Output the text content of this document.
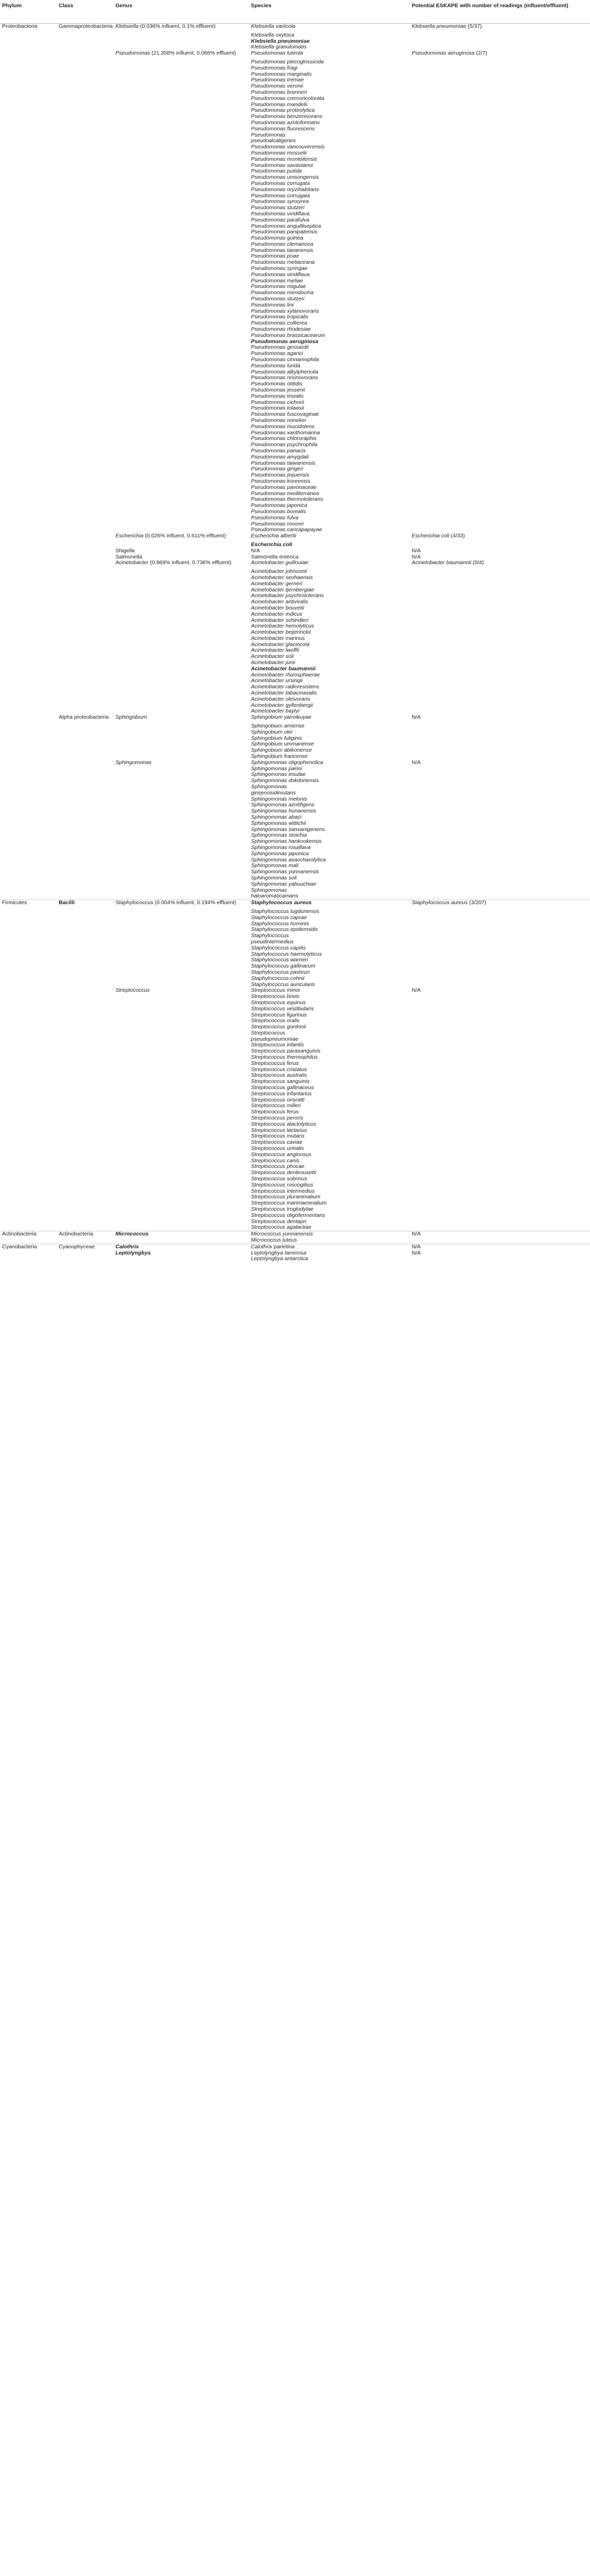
Phylum	Class	Genus	Species	Potential ESKAPE with number of readings (influent/effluent)
Proteobacteria	Gammaproteobacteria	Klebsiella (0.036% influent, 0.1% effluent)	Klebsiella variicola	Klebsiella pneumoniae (5/37)

			Klebsiella oxytoca	
			Klebsiella pneumoniae	
			Klebsiella granulomatis	
		Pseudomonas (21.358% influent, 0.066% effluent)	Pseudomonas luteola	Pseudomonas aeruginosa (2/7)

			Pseudomonas plecoglossicida	
			Pseudomonas fragi	
			Pseudomonas marginalis	
			Pseudomonas tremae	
			Pseudomonas veronii	
			Pseudomonas brenneri	
			Pseudomonas cremoricolorata	
			Pseudomonas mandelii	
			Pseudomonas proteolytica	
			Pseudomonas benzenivorans	
			Pseudomonas azotoformans	
			Pseudomonas fluorescens	
			Pseudomonas	
			pseudoalcaligenes	
			Pseudomonas vancouverensis	
			Pseudomonas mosselii	
			Pseudomonas monteilensis	
			Pseudomonas savastanoi	
			Pseudomonas putida	
			Pseudomonas umsongensis	
			Pseudomonas corrugata	
			Pseudomonas oryzihabitans	
			Pseudomonas corrugata	
			Pseudomonas synxyrea	
			Pseudomonas stutzeri	
			Pseudomonas viridiflava	
			Pseudomonas parafulva	
			Pseudomonas anguilliseptica	
			Pseudomonas panipatensis	
			Pseudomonas gulnea	
			Pseudomonas clemancea	
			Pseudomonas taeanensis	
			Pseudomonas poae	
			Pseudomonas meliaceana	
			Pseudomonas syringae	
			Pseudomonas viridiflava	
			Pseudomonas meliae	
			Pseudomonas migulae	
			Pseudomonas mendocina	
			Pseudomonas stutzeri	
			Pseudomonas lini	
			Pseudomonas xylanovorans	
			Pseudomonas tropicalis	
			Pseudomonas collierea	
			Pseudomonas rhodesiae	
			Pseudomonas brassicacearum	
			Pseudomonas aeruginosa	
			Pseudomonas gessardii	
			Pseudomonas agarici	
			Pseudomonas cinnamophila	
			Pseudomonas lurida	
			Pseudomonas alkylphenolia	
			Pseudomonas resinovorans	
			Pseudomonas otitidis	
			Pseudomonas jessenii	
			Pseudomonas trivialis	
			Pseudomonas cichorii	
			Pseudomonas tolaasii	
			Pseudomonas fuscovaginae	
			Pseudomonas reinekei	
			Pseudomonas mucidolens	
			Pseudomonas xanthomarina	
			Pseudomonas chlororaphis	
			Pseudomonas psychrophila	
			Pseudomonas panacis	
			Pseudomonas amygdali	
			Pseudomonas taiwanensis	
			Pseudomonas gingeri	
			Pseudomonas jinjuensis	
			Pseudomonas koreensis	
			Pseudomonas pavonaceae	
			Pseudomonas mediterranea	
			Pseudomonas thermotolerans	
			Pseudomonas japonica	
			Pseudomonas borealis	
			Pseudomonas fulva	
			Pseudomonas moorei	
			Pseudomonas caricapapayae	
		Escherichia (0.026% influent, 0.611% effluent)	Escherichia albertii	Escherichia coli (4/33)

			Escherichia coli	
		Shigella	N/A	N/A
		Salmonella	Salmonella enterica	N/A
		Acinetobacter (0.969% influent, 0.736% effluent)	Acinetobacter guillouiae	Acinetobacter baumannii (0/4)

			Acinetobacter johnsonii	
			Acinetobacter seohaensis	
			Acinetobacter gerneri	
			Acinetobacter tjernbergiae	
			Acinetobacter psychrotolerans	
			Acinetobacter antiviralis	
			Acinetobacter bouvetii	
			Acinetobacter indicus	
			Acinetobacter schindleri	
			Acinetobacter hemolyticus	
			Acinetobacter beijerinckii	
			Acinetobacter marinus	
			Acinetobacter glacincola	
			Acinetobacter lwoffii	
			Acinetobacter soli	
			Acinetobacter junii	
			Acinetobacter baumannii	
			Acinetobacter rhizosphaerae	
			Acinetobacter ursingii	
			Acinetobacter radioresistens	
			Acinetobacter tabacinasalis	
			Acinetobacter oleivorans	
			Acinetobacter gyllenbergii	
			Acinetobacter baylyi	
	Alpha proteobacteria	Sphingobium	Sphingobium yanoikuyae	N/A

			Sphingobium amiense	
			Sphingobium olei	
			Sphingobium fuliginis	
			Sphingobium ummariense	
			Sphingobium abikonense	
			Sphingobium francense	
		Sphingomonas	Sphingomonas oligophenolica	N/A
			Sphingomonas panni	
			Sphingomonas insulae	
			Sphingomonas dokdonensis	
			Sphingomonas	
			ginsenosidimutans	
			Sphingomonas melonis	
			Sphingomonas azotifigens	
			Sphingomonas hunanensis	
			Sphingomonas abaci	
			Sphingomonas wittichii	
			Sphingomonas sanxanigenens	
			Sphingomonas stoichia	
			Sphingomonas hankookensis	
			Sphingomonas rosaflava	
			Sphingomonas japonica	
			Sphingomonas asaccharolytica	
			Sphingomonas mali	
			Sphingomonas yunnanensis	
			Sphingomonas soli	
			Sphingomonas yabuuchiae	
			Sphingomonas	
			haloaromaticamans	
Firmicutes	Bacilli	Staphylococcus (0.004% influent, 0.194% effluent)	Staphylococcus aureus	Staphylococcus aureus (3/207)

			Staphylococcus lugdunensis	
			Staphylococcus caprae	
			Staphylococcus hominis	
			Staphylococcus epidermidis	
			Staphylococcus	
			pseudintermedius	
			Staphylococcus capitis	
			Staphylococcus haemolyticus	
			Staphylococcus warneri	
			Staphylococcus gallinarum	
			Staphylococcus pasteuri	
			Staphylococcus cohnii	
			Staphylococcus auricularis	
		Streptococcus	Streptococcus minor	N/A
			Streptococcus bovis	
			Streptococcus equinus	
			Streptococcus vestibularis	
			Streptococcus ligurinus	
			Streptococcus oralis	
			Streptococcus gordonii	
			Streptococcus	
			pseudopneumoniae	
			Streptococcus infantis	
			Streptococcus parasanguinis	
			Streptococcus thermophilus	
			Streptococcus ferus	
			Streptococcus cristatus	
			Streptococcus australis	
			Streptococcus sanguinis	
			Streptococcus gallinaceus	
			Streptococcus infantarius	
			Streptococcus orisratti	
			Streptococcus milleri	
			Streptococcus ferus	
			Streptococcus peroris	
			Streptococcus alactolyticus	
			Streptococcus lactarius	
			Streptococcus mutans	
			Streptococcus caviae	
			Streptococcus urinalis	
			Streptococcus anginosus	
			Streptococcus canis	
			Streptococcus phocae	
			Streptococcus dentirousetti	
			Streptococcus sobrinus	
			Streptococcus rosoogibus	
			Streptococcus intermedius	
			Streptococcus pluranimalium	
			Streptococcus marimammalium	
			Streptococcus troglodytae	
			Streptococcus oligofermentans	
			Streptococcus dentapri	
			Streptococcus agalactiae	
Actinobacteria	Actinobacteria	Micrococcus	Micrococcus yunnanensis	N/A
			Micrococcus luteus	
Cyanobacteria	Cyanophyceae	Calothrix	Calothrix parietina	N/A
		Leptolyngbya	Leptolyngbya laminosa	N/A
			Leptolyngbya antarctica	
